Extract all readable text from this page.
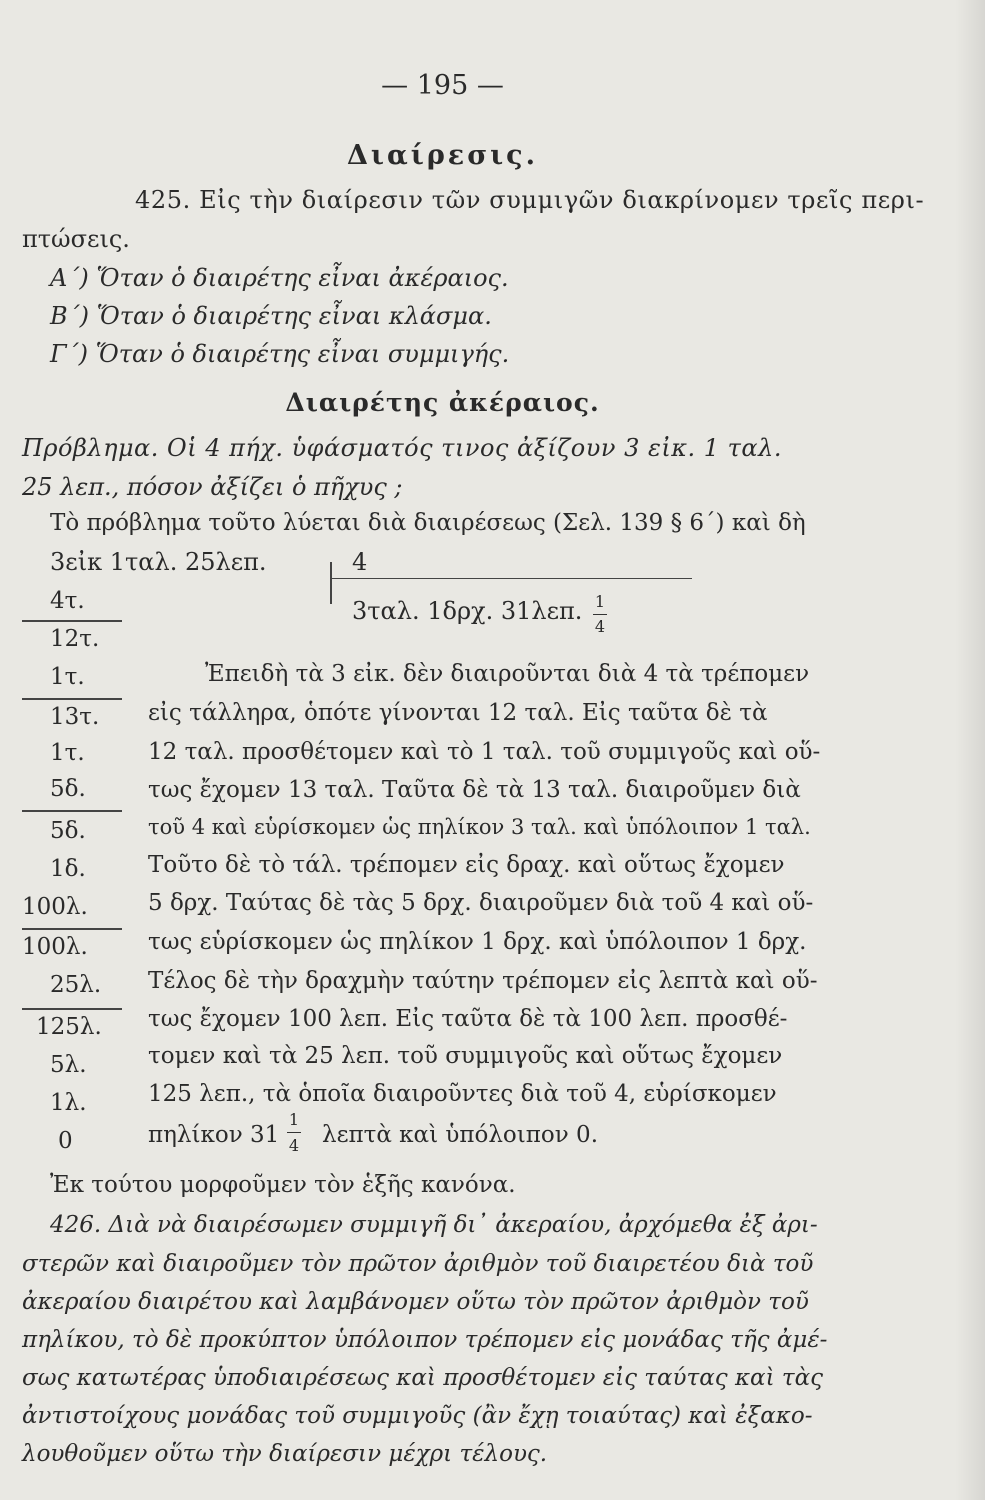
— 195 —
Διαίρεσις.
425. Εἰς τὴν διαίρεσιν τῶν συμμιγῶν διακρίνομεν τρεῖς περι-
πτώσεις.
Α΄) Ὅταν ὁ διαιρέτης εἶναι ἀκέραιος.
Β΄) Ὅταν ὁ διαιρέτης εἶναι κλάσμα.
Γ΄) Ὅταν ὁ διαιρέτης εἶναι συμμιγής.
Διαιρέτης ἀκέραιος.
Πρόβλημα. Οἱ 4 πήχ. ὑφάσματός τινος ἀξίζουν 3 εἰκ. 1 ταλ.
25 λεπ., πόσον ἀξίζει ὁ πῆχυς ;
Τὸ πρόβλημα τοῦτο λύεται διὰ διαιρέσεως (Σελ. 139 § 6΄) καὶ δὴ
3εἰκ 1ταλ. 25λεπ.	4
3ταλ. 1δρχ. 31λεπ. 1
4
4τ.
12τ.
1τ.
13τ.
1τ.
5δ.
5δ.
1δ.
100λ.
100λ.
25λ.
125λ.
5λ.
1λ.
0
Ἐπειδὴ τὰ 3 εἰκ. δὲν διαιροῦνται διὰ 4 τὰ τρέπομεν
εἰς τάλληρα, ὁπότε γίνονται 12 ταλ. Εἰς ταῦτα δὲ τὰ
12 ταλ. προσθέτομεν καὶ τὸ 1 ταλ. τοῦ συμμιγοῦς καὶ οὕ-
τως ἔχομεν 13 ταλ. Ταῦτα δὲ τὰ 13 ταλ. διαιροῦμεν διὰ
τοῦ 4 καὶ εὑρίσκομεν ὡς πηλίκον 3 ταλ. καὶ ὑπόλοιπον 1 ταλ.
Τοῦτο δὲ τὸ τάλ. τρέπομεν εἰς δραχ. καὶ οὕτως ἔχομεν
5 δρχ. Ταύτας δὲ τὰς 5 δρχ. διαιροῦμεν διὰ τοῦ 4 καὶ οὕ-
τως εὑρίσκομεν ὡς πηλίκον 1 δρχ. καὶ ὑπόλοιπον 1 δρχ.
Τέλος δὲ τὴν δραχμὴν ταύτην τρέπομεν εἰς λεπτὰ καὶ οὕ-
τως ἔχομεν 100 λεπ. Εἰς ταῦτα δὲ τὰ 100 λεπ. προσθέ-
τομεν καὶ τὰ 25 λεπ. τοῦ συμμιγοῦς καὶ οὕτως ἔχομεν
125 λεπ., τὰ ὁποῖα διαιροῦντες διὰ τοῦ 4, εὑρίσκομεν
πηλίκον 31
1
4 λεπτὰ καὶ ὑπόλοιπον 0.
Ἐκ τούτου μορφοῦμεν τὸν ἑξῆς κανόνα.
426. Διὰ νὰ διαιρέσωμεν συμμιγῆ δι᾽ ἀκεραίου, ἀρχόμεθα ἐξ ἀρι-
στερῶν καὶ διαιροῦμεν τὸν πρῶτον ἀριθμὸν τοῦ διαιρετέου διὰ τοῦ
ἀκεραίου διαιρέτου καὶ λαμβάνομεν οὕτω τὸν πρῶτον ἀριθμὸν τοῦ
πηλίκου, τὸ δὲ προκύπτον ὑπόλοιπον τρέπομεν εἰς μονάδας τῆς ἀμέ-
σως κατωτέρας ὑποδιαιρέσεως καὶ προσθέτομεν εἰς ταύτας καὶ τὰς
ἀντιστοίχους μονάδας τοῦ συμμιγοῦς (ἂν ἔχῃ τοιαύτας) καὶ ἐξακο-
λουθοῦμεν οὕτω τὴν διαίρεσιν μέχρι τέλους.
